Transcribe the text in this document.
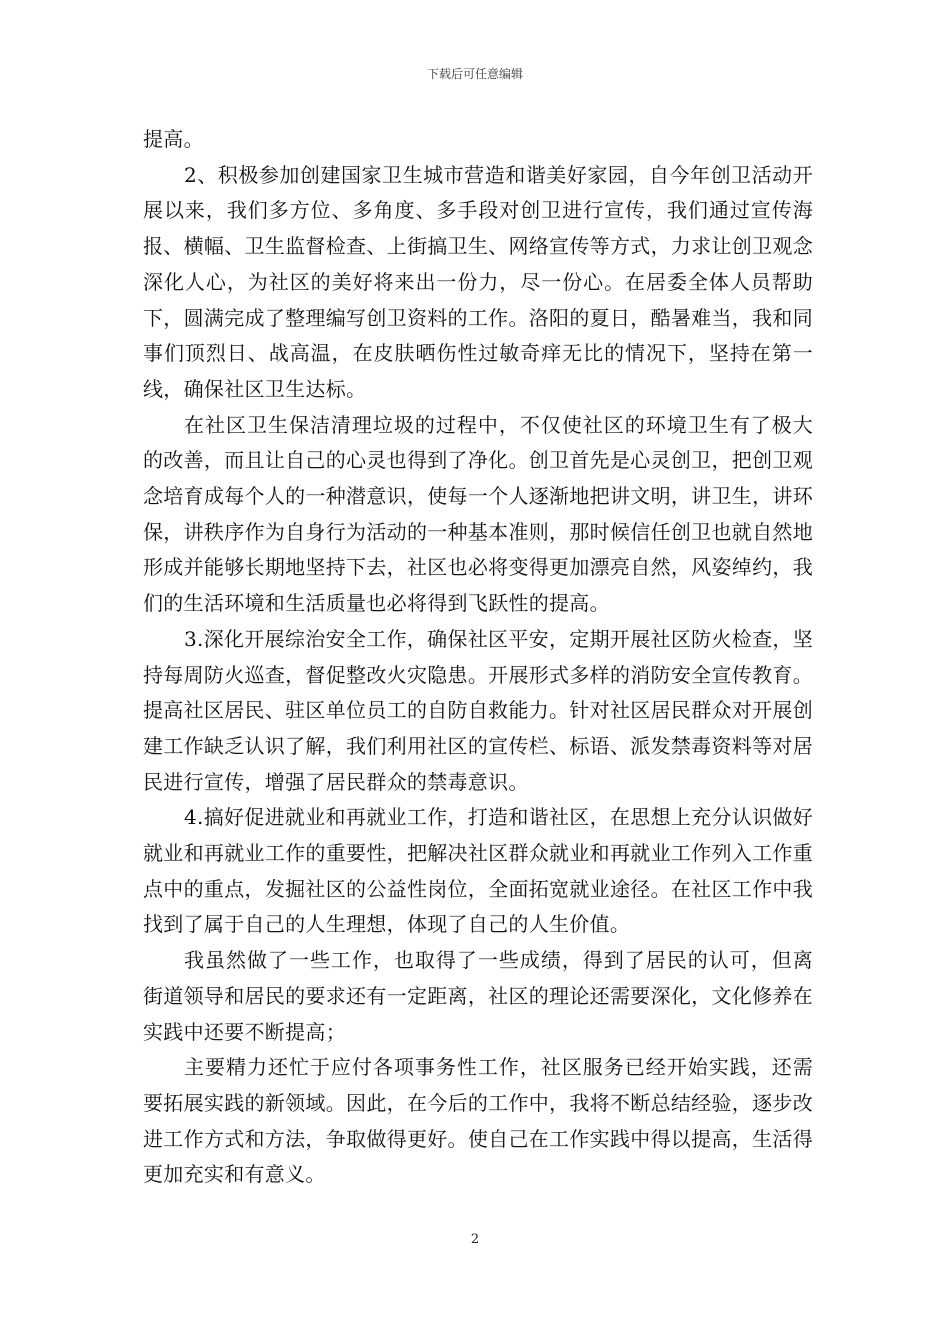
下载后可任意编辑

提高。

2、积极参加创建国家卫生城市营造和谐美好家园，自今年创卫活动开展以来，我们多方位、多角度、多手段对创卫进行宣传，我们通过宣传海报、横幅、卫生监督检查、上街搞卫生、网络宣传等方式，力求让创卫观念深化人心，为社区的美好将来出一份力，尽一份心。在居委全体人员帮助下，圆满完成了整理编写创卫资料的工作。洛阳的夏日，酷暑难当，我和同事们顶烈日、战高温，在皮肤晒伤性过敏奇痒无比的情况下，坚持在第一线，确保社区卫生达标。

在社区卫生保洁清理垃圾的过程中，不仅使社区的环境卫生有了极大的改善，而且让自己的心灵也得到了净化。创卫首先是心灵创卫，把创卫观念培育成每个人的一种潜意识，使每一个人逐渐地把讲文明，讲卫生，讲环保，讲秩序作为自身行为活动的一种基本准则，那时候信任创卫也就自然地形成并能够长期地坚持下去，社区也必将变得更加漂亮自然，风姿绰约，我们的生活环境和生活质量也必将得到飞跃性的提高。

3.深化开展综治安全工作，确保社区平安，定期开展社区防火检查，坚持每周防火巡查，督促整改火灾隐患。开展形式多样的消防安全宣传教育。提高社区居民、驻区单位员工的自防自救能力。针对社区居民群众对开展创建工作缺乏认识了解，我们利用社区的宣传栏、标语、派发禁毒资料等对居民进行宣传，增强了居民群众的禁毒意识。

4.搞好促进就业和再就业工作，打造和谐社区，在思想上充分认识做好就业和再就业工作的重要性，把解决社区群众就业和再就业工作列入工作重点中的重点，发掘社区的公益性岗位，全面拓宽就业途径。在社区工作中我找到了属于自己的人生理想，体现了自己的人生价值。

我虽然做了一些工作，也取得了一些成绩，得到了居民的认可，但离街道领导和居民的要求还有一定距离，社区的理论还需要深化，文化修养在实践中还要不断提高；

主要精力还忙于应付各项事务性工作，社区服务已经开始实践，还需要拓展实践的新领域。因此，在今后的工作中，我将不断总结经验，逐步改进工作方式和方法，争取做得更好。使自己在工作实践中得以提高，生活得更加充实和有意义。

2
